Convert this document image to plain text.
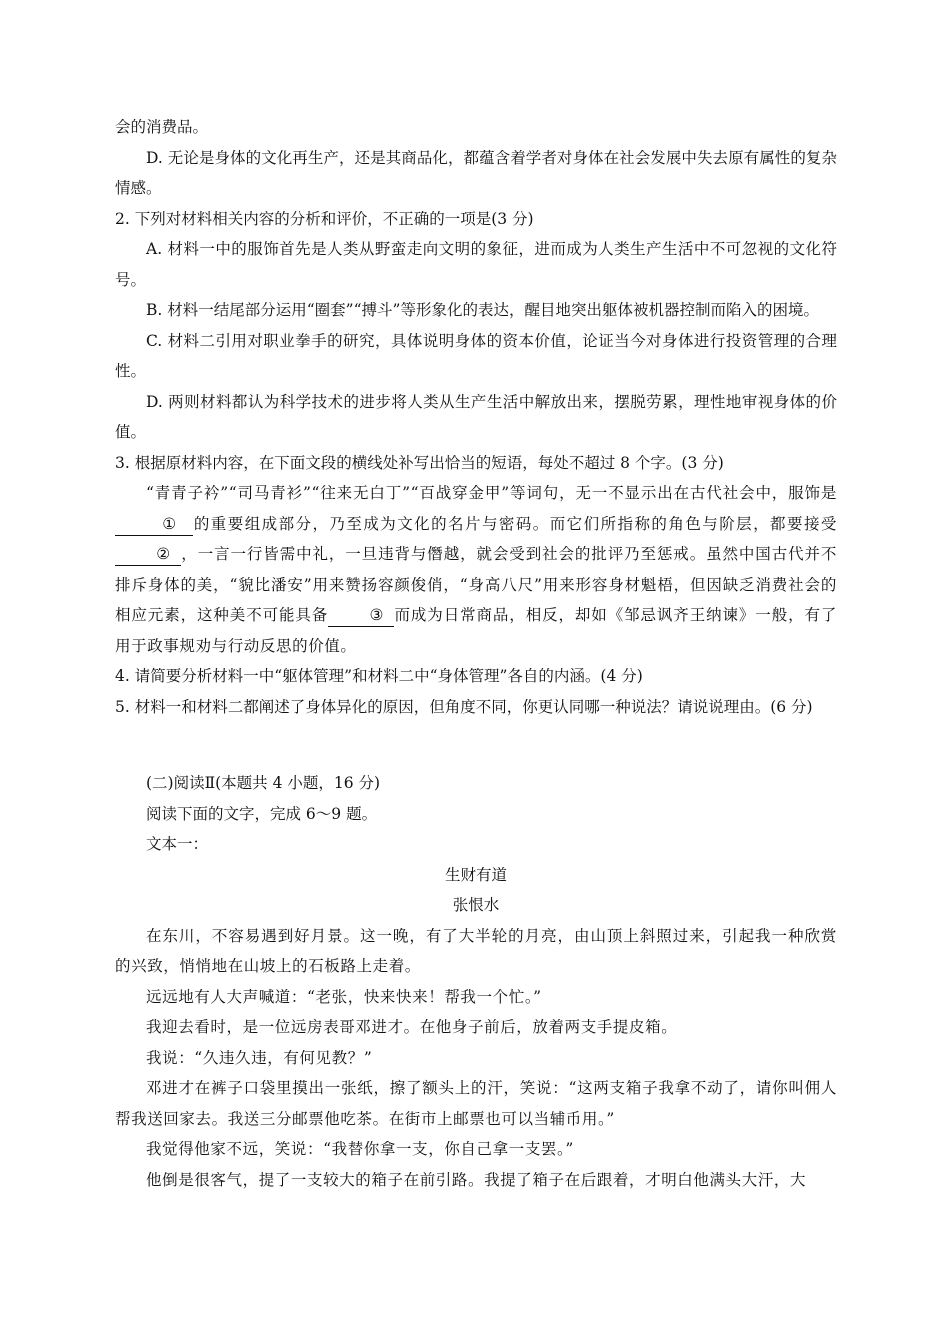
会的消费品。

D. 无论是身体的文化再生产，还是其商品化，都蕴含着学者对身体在社会发展中失去原有属性的复杂情感。

2. 下列对材料相关内容的分析和评价，不正确的一项是(3 分)

A. 材料一中的服饰首先是人类从野蛮走向文明的象征，进而成为人类生产生活中不可忽视的文化符号。

B. 材料一结尾部分运用“圈套”“搏斗”等形象化的表达，醒目地突出躯体被机器控制而陷入的困境。

C. 材料二引用对职业拳手的研究，具体说明身体的资本价值，论证当今对身体进行投资管理的合理性。

D. 两则材料都认为科学技术的进步将人类从生产生活中解放出来，摆脱劳累，理性地审视身体的价值。

3. 根据原材料内容，在下面文段的横线处补写出恰当的短语，每处不超过 8 个字。(3 分)

“青青子衿”“司马青衫”“往来无白丁”“百战穿金甲”等词句，无一不显示出在古代社会中，服饰是① 的重要组成部分，乃至成为文化的名片与密码。而它们所指称的角色与阶层，都要接受② ，一言一行皆需中礼，一旦违背与僭越，就会受到社会的批评乃至惩戒。虽然中国古代并不排斥身体的美，“貌比潘安”用来赞扬容颜俊俏，“身高八尺”用来形容身材魁梧，但因缺乏消费社会的相应元素，这种美不可能具备	③ 而成为日常商品，相反，却如《邹忌讽齐王纳谏》一般，有了用于政事规劝与行动反思的价值。

4. 请简要分析材料一中“躯体管理”和材料二中“身体管理”各自的内涵。(4 分)

5. 材料一和材料二都阐述了身体异化的原因，但角度不同，你更认同哪一种说法？请说说理由。(6 分)

(二)阅读Ⅱ(本题共 4 小题，16 分)

阅读下面的文字，完成 6～9 题。

文本一：

生财有道

张恨水

在东川，不容易遇到好月景。这一晚，有了大半轮的月亮，由山顶上斜照过来，引起我一种欣赏的兴致，悄悄地在山坡上的石板路上走着。

远远地有人大声喊道：“老张，快来快来！帮我一个忙。”

我迎去看时，是一位远房表哥邓进才。在他身子前后，放着两支手提皮箱。

我说：“久违久违，有何见教？”

邓进才在裤子口袋里摸出一张纸，擦了额头上的汗，笑说：“这两支箱子我拿不动了，请你叫佣人帮我送回家去。我送三分邮票他吃茶。在街市上邮票也可以当辅币用。”

我觉得他家不远，笑说：“我替你拿一支，你自己拿一支罢。”

他倒是很客气，提了一支较大的箱子在前引路。我提了箱子在后跟着，才明白他满头大汗，大
